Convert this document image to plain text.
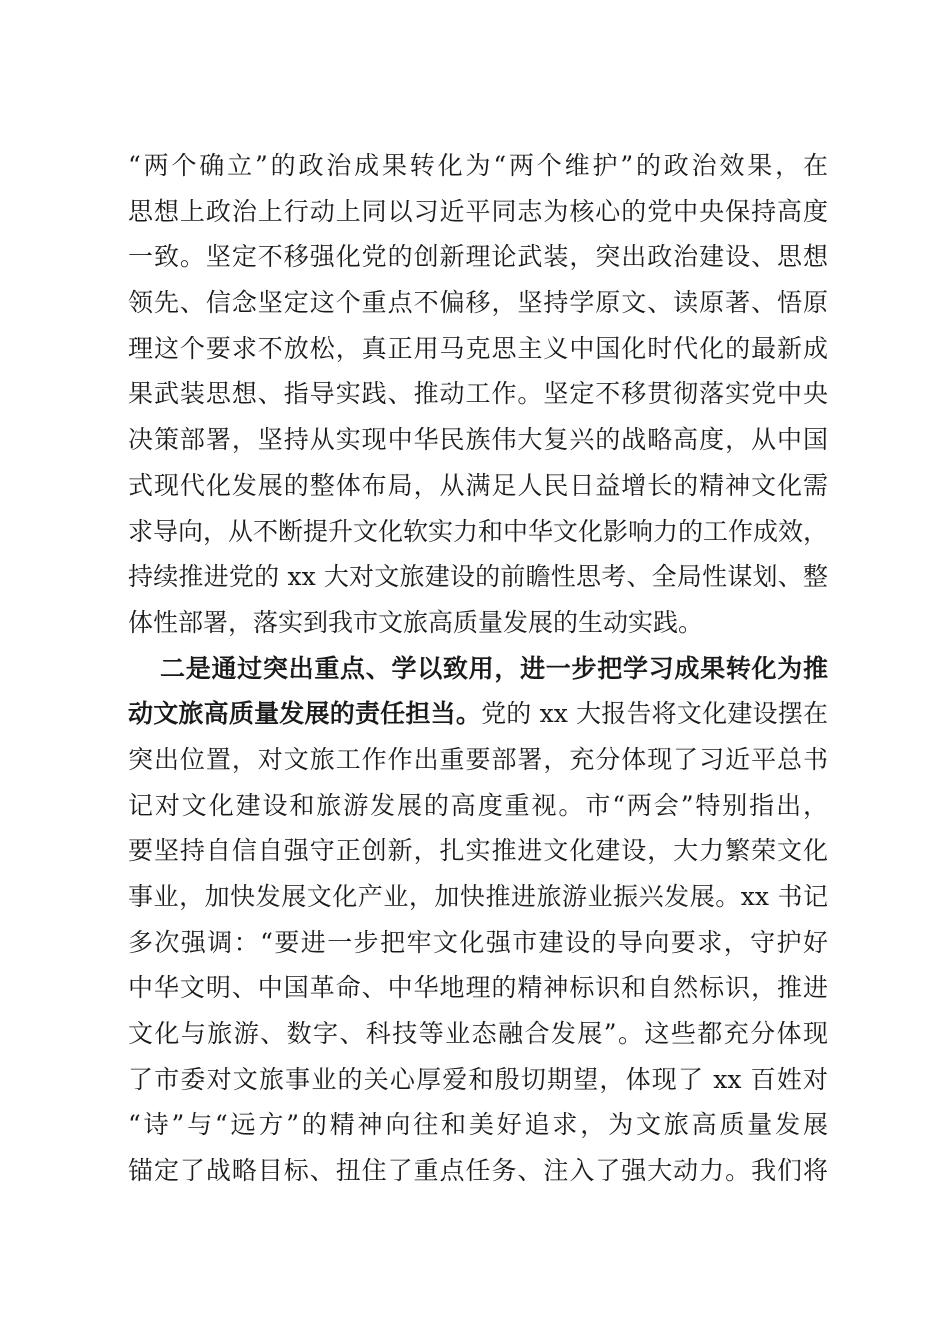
“两个确立”的政治成果转化为“两个维护”的政治效果，在
思想上政治上行动上同以习近平同志为核心的党中央保持高度
一致。坚定不移强化党的创新理论武装，突出政治建设、思想
领先、信念坚定这个重点不偏移，坚持学原文、读原著、悟原
理这个要求不放松，真正用马克思主义中国化时代化的最新成
果武装思想、指导实践、推动工作。坚定不移贯彻落实党中央
决策部署，坚持从实现中华民族伟大复兴的战略高度，从中国
式现代化发展的整体布局，从满足人民日益增长的精神文化需
求导向，从不断提升文化软实力和中华文化影响力的工作成效，
持续推进党的 xx 大对文旅建设的前瞻性思考、全局性谋划、整
体性部署，落实到我市文旅高质量发展的生动实践。
二是通过突出重点、学以致用，进一步把学习成果转化为推
动文旅高质量发展的责任担当。党的 xx 大报告将文化建设摆在
突出位置，对文旅工作作出重要部署，充分体现了习近平总书
记对文化建设和旅游发展的高度重视。市“两会”特别指出，
要坚持自信自强守正创新，扎实推进文化建设，大力繁荣文化
事业，加快发展文化产业，加快推进旅游业振兴发展。xx 书记
多次强调：“要进一步把牢文化强市建设的导向要求，守护好
中华文明、中国革命、中华地理的精神标识和自然标识，推进
文化与旅游、数字、科技等业态融合发展”。这些都充分体现
了市委对文旅事业的关心厚爱和殷切期望，体现了 xx 百姓对
“诗”与“远方”的精神向往和美好追求，为文旅高质量发展
锚定了战略目标、扭住了重点任务、注入了强大动力。我们将
